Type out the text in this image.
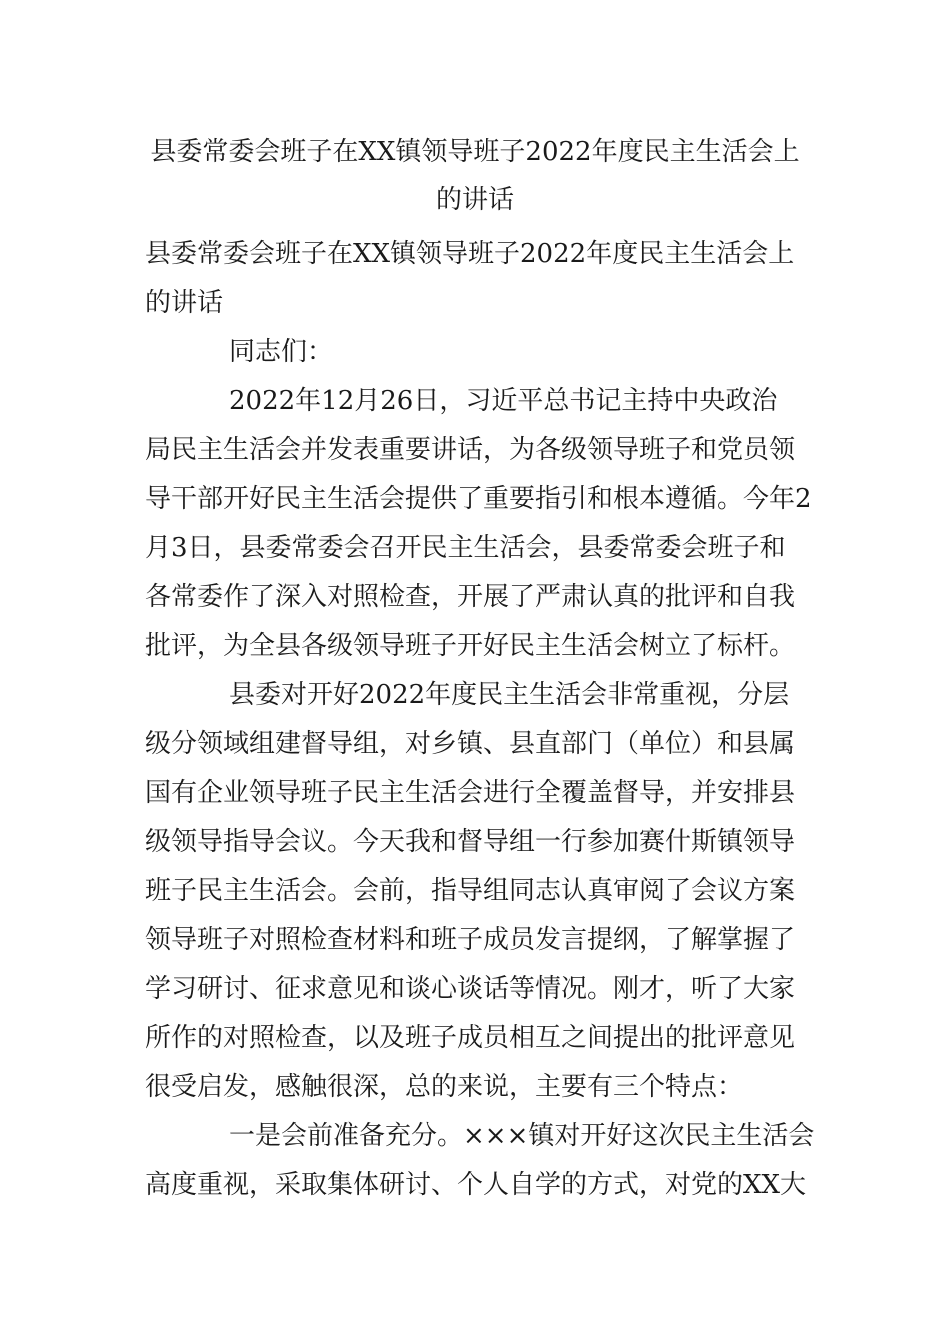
县委常委会班子在XX镇领导班子2022年度民主生活会上
的讲话
县委常委会班子在XX镇领导班子2022年度民主生活会上
的讲话
同志们：
2022年12月26日，习近平总书记主持中央政治
局民主生活会并发表重要讲话，为各级领导班子和党员领
导干部开好民主生活会提供了重要指引和根本遵循。今年2
月3日，县委常委会召开民主生活会，县委常委会班子和
各常委作了深入对照检查，开展了严肃认真的批评和自我
批评，为全县各级领导班子开好民主生活会树立了标杆。
县委对开好2022年度民主生活会非常重视，分层
级分领域组建督导组，对乡镇、县直部门（单位）和县属
国有企业领导班子民主生活会进行全覆盖督导，并安排县
级领导指导会议。今天我和督导组一行参加赛什斯镇领导
班子民主生活会。会前，指导组同志认真审阅了会议方案
领导班子对照检查材料和班子成员发言提纲，了解掌握了
学习研讨、征求意见和谈心谈话等情况。刚才，听了大家
所作的对照检查，以及班子成员相互之间提出的批评意见
很受启发，感触很深，总的来说，主要有三个特点：
一是会前准备充分。×××镇对开好这次民主生活会
高度重视，采取集体研讨、个人自学的方式，对党的XX大
